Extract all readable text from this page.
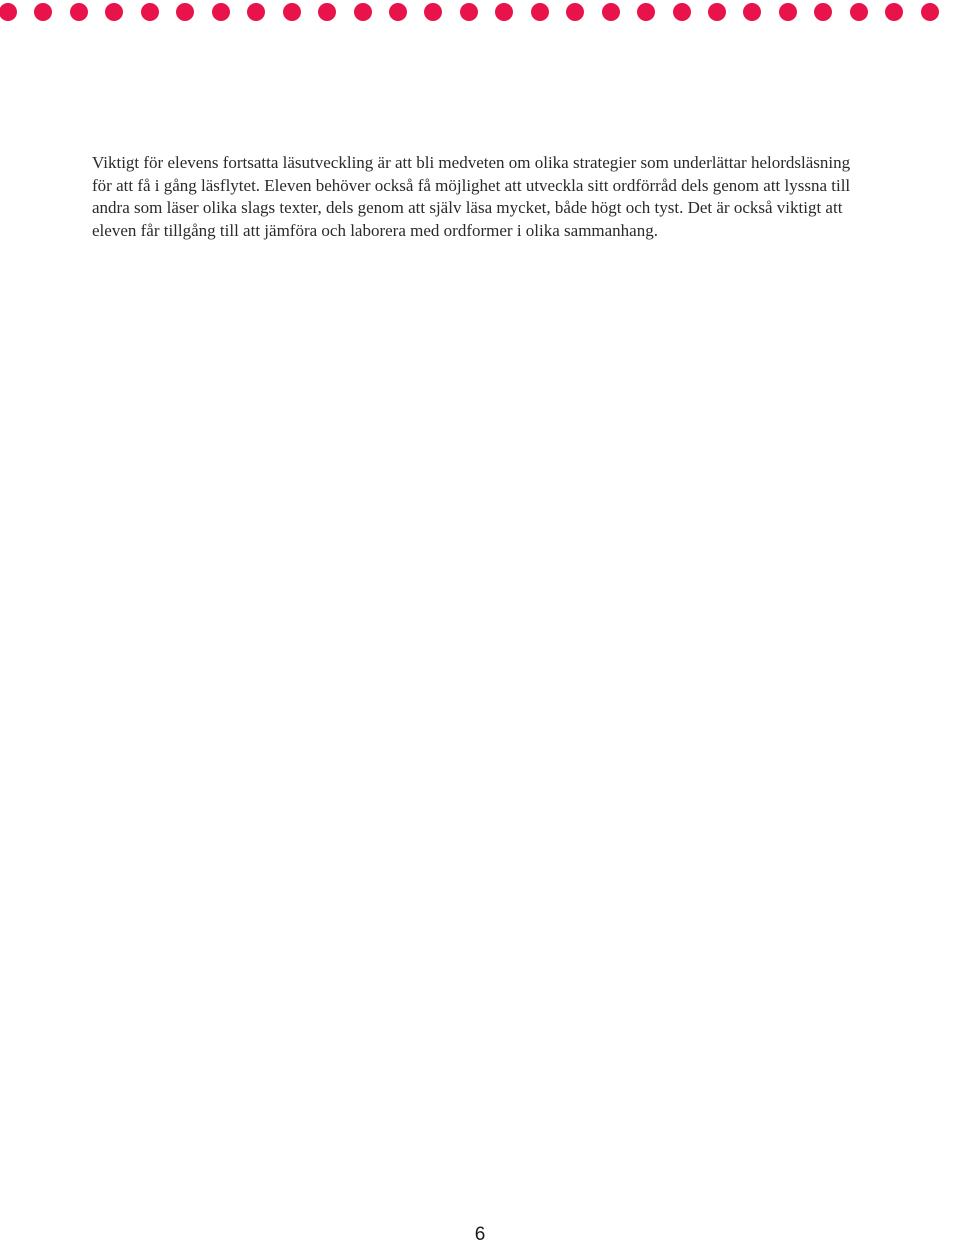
Viktigt för elevens fortsatta läsutveckling är att bli medveten om olika strategier som underlättar helordsläsning för att få i gång läsflytet. Eleven behöver också få möjlighet att utveckla sitt ordförråd dels genom att lyssna till andra som läser olika slags texter, dels genom att själv läsa mycket, både högt och tyst. Det är också viktigt att eleven får tillgång till att jämföra och laborera med ordformer i olika sammanhang.

6
